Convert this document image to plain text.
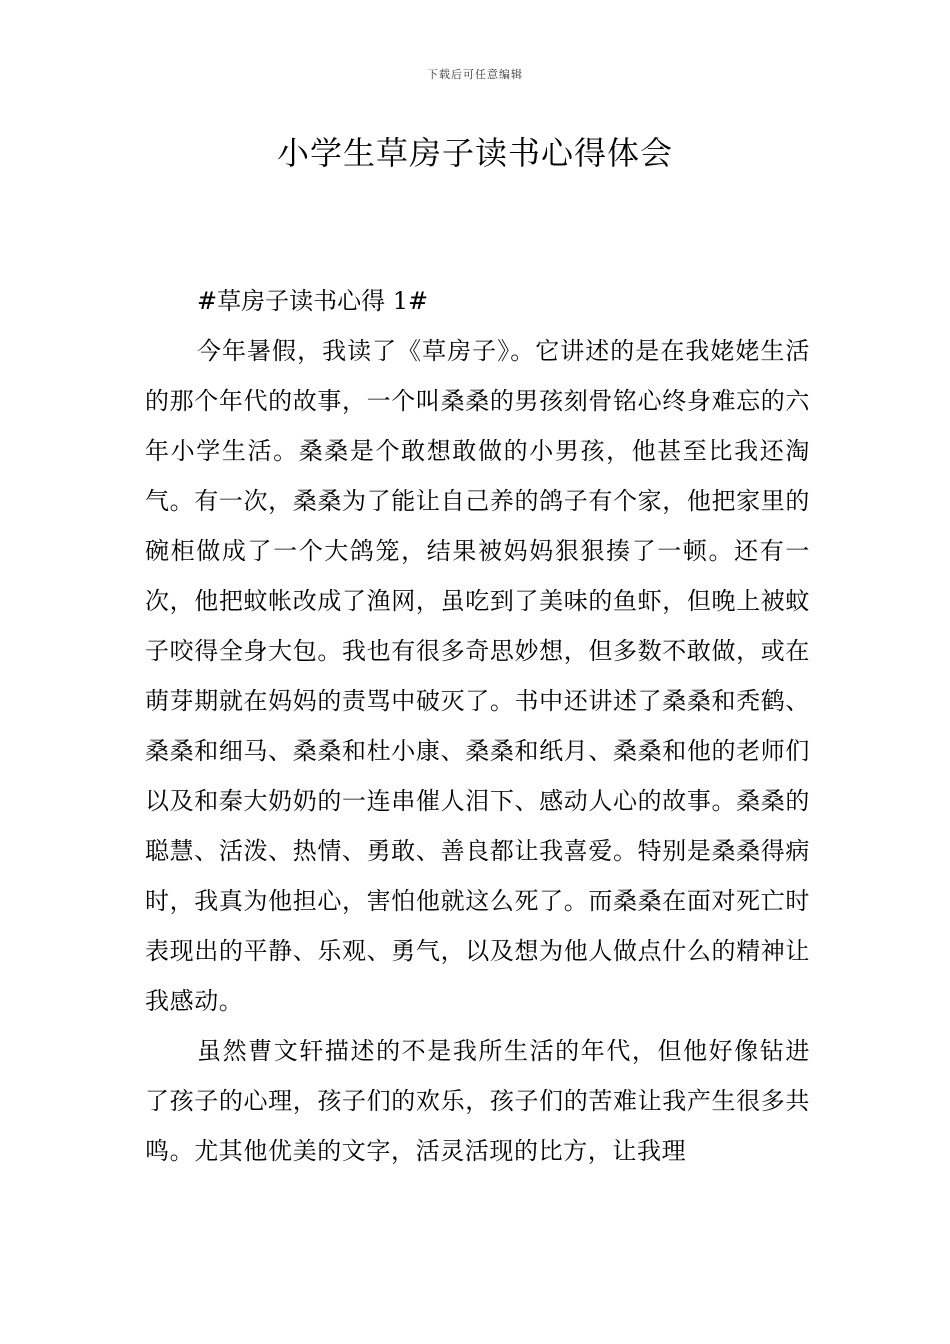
下载后可任意编辑
小学生草房子读书心得体会

#草房子读书心得 1#

今年暑假，我读了《草房子》。它讲述的是在我姥姥生活的那个年代的故事，一个叫桑桑的男孩刻骨铭心终身难忘的六年小学生活。桑桑是个敢想敢做的小男孩，他甚至比我还淘气。有一次，桑桑为了能让自己养的鸽子有个家，他把家里的碗柜做成了一个大鸽笼，结果被妈妈狠狠揍了一顿。还有一次，他把蚊帐改成了渔网，虽吃到了美味的鱼虾，但晚上被蚊子咬得全身大包。我也有很多奇思妙想，但多数不敢做，或在萌芽期就在妈妈的责骂中破灭了。书中还讲述了桑桑和秃鹤、桑桑和细马、桑桑和杜小康、桑桑和纸月、桑桑和他的老师们以及和秦大奶奶的一连串催人泪下、感动人心的故事。桑桑的聪慧、活泼、热情、勇敢、善良都让我喜爱。特别是桑桑得病时，我真为他担心，害怕他就这么死了。而桑桑在面对死亡时表现出的平静、乐观、勇气，以及想为他人做点什么的精神让我感动。

虽然曹文轩描述的不是我所生活的年代，但他好像钻进了孩子的心理，孩子们的欢乐，孩子们的苦难让我产生很多共鸣。尤其他优美的文字，活灵活现的比方，让我理
